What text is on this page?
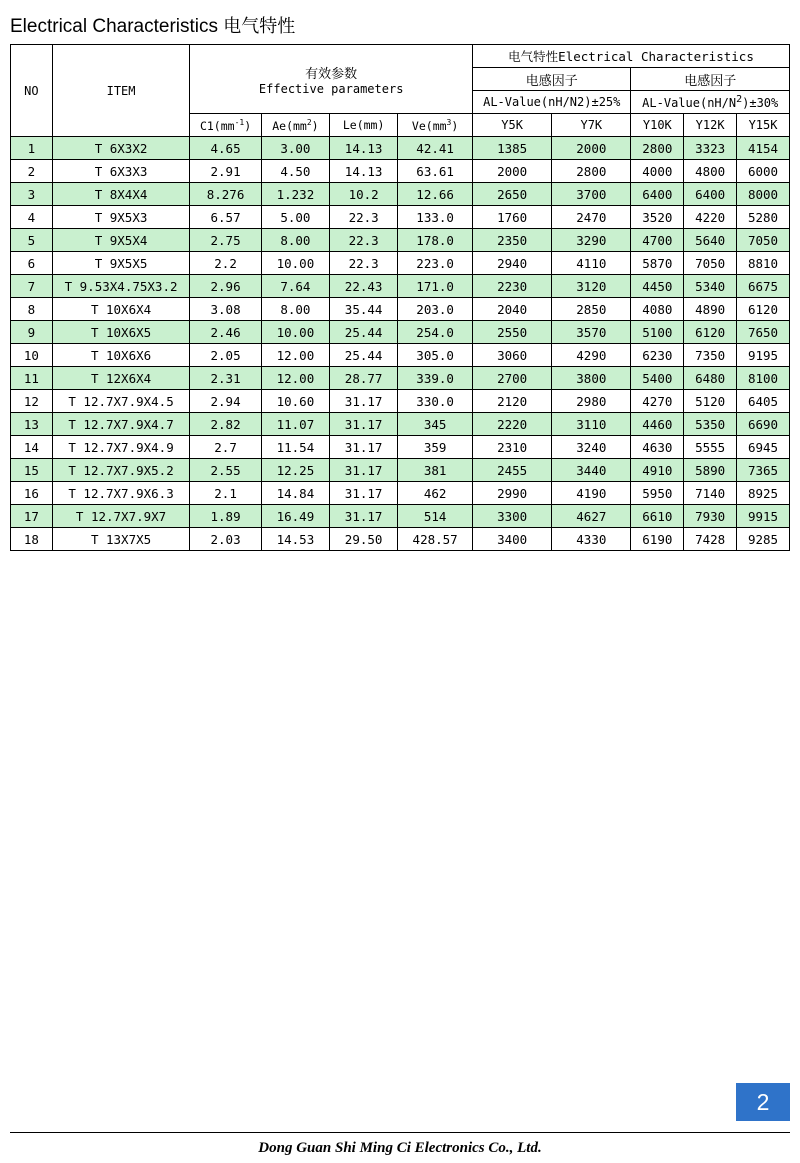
Electrical Characteristics 电气特性
NO	ITEM	有效参数
Effective parameters				电气特性Electrical Characteristics				
						电感因子		电感因子		
						AL-Value(nH/N2)±25%		$AL-Value(nH/N^2)\pm 30\%$		
		$C1(mm^{-1})$	$Ae(mm^2)$	Le(mm)	$Ve(mm^3)$	Y5K	Y7K	Y10K	Y12K	Y15K
1	T 6X3X2	4.65	3.00	14.13	42.41	1385	2000	2800	3323	4154
2	T 6X3X3	2.91	4.50	14.13	63.61	2000	2800	4000	4800	6000
3	T 8X4X4	8.276	1.232	10.2	12.66	2650	3700	6400	6400	8000
4	T 9X5X3	6.57	5.00	22.3	133.0	1760	2470	3520	4220	5280
5	T 9X5X4	2.75	8.00	22.3	178.0	2350	3290	4700	5640	7050
6	T 9X5X5	2.2	10.00	22.3	223.0	2940	4110	5870	7050	8810
7	T 9.53X4.75X3.2	2.96	7.64	22.43	171.0	2230	3120	4450	5340	6675
8	T 10X6X4	3.08	8.00	35.44	203.0	2040	2850	4080	4890	6120
9	T 10X6X5	2.46	10.00	25.44	254.0	2550	3570	5100	6120	7650
10	T 10X6X6	2.05	12.00	25.44	305.0	3060	4290	6230	7350	9195
11	T 12X6X4	2.31	12.00	28.77	339.0	2700	3800	5400	6480	8100
12	T 12.7X7.9X4.5	2.94	10.60	31.17	330.0	2120	2980	4270	5120	6405
13	T 12.7X7.9X4.7	2.82	11.07	31.17	345	2220	3110	4460	5350	6690
14	T 12.7X7.9X4.9	2.7	11.54	31.17	359	2310	3240	4630	5555	6945
15	T 12.7X7.9X5.2	2.55	12.25	31.17	381	2455	3440	4910	5890	7365
16	T 12.7X7.9X6.3	2.1	14.84	31.17	462	2990	4190	5950	7140	8925
17	T 12.7X7.9X7	1.89	16.49	31.17	514	3300	4627	6610	7930	9915
18	T 13X7X5	2.03	14.53	29.50	428.57	3400	4330	6190	7428	9285
2
Dong Guan Shi Ming Ci Electronics Co., Ltd.
